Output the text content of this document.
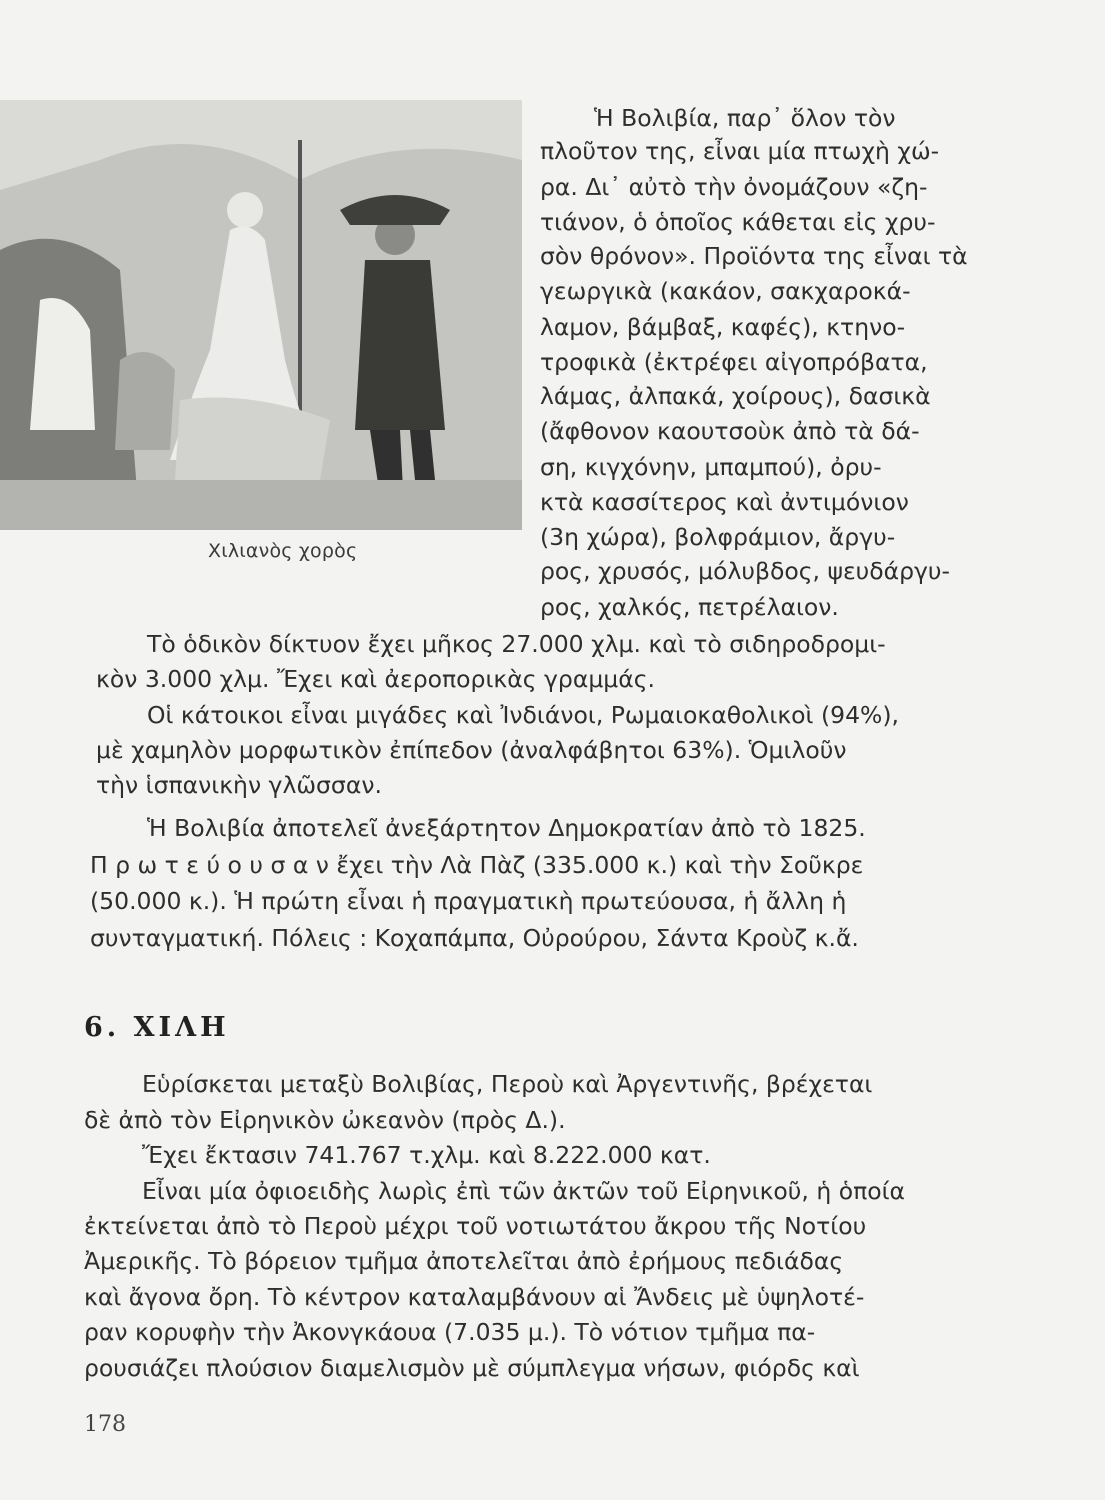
Χιλιανὸς χορὸς
Ἡ Βολιβία, παρ᾽ ὅλον τὸν
πλοῦτον της, εἶναι μία πτωχὴ χώ-
ρα. Δι᾽ αὐτὸ τὴν ὀνομάζουν «ζη-
τιάνον, ὁ ὁποῖος κάθεται εἰς χρυ-
σὸν θρόνον». Προϊόντα της εἶναι τὰ
γεωργικὰ (κακάον, σακχαροκά-
λαμον, βάμβαξ, καφές), κτηνο-
τροφικὰ (ἐκτρέφει αἰγοπρόβατα,
λάμας, ἀλπακά, χοίρους), δασικὰ
(ἄφθονον καουτσοὺκ ἀπὸ τὰ δά-
ση, κιγχόνην, μπαμπού), ὀρυ-
κτὰ κασσίτερος καὶ ἀντιμόνιον
(3η χώρα), βολφράμιον, ἄργυ-
ρος, χρυσός, μόλυβδος, ψευδάργυ-
ρος, χαλκός, πετρέλαιον.
Τὸ ὁδικὸν δίκτυον ἔχει μῆκος 27.000 χλμ. καὶ τὸ σιδηροδρομι-
κὸν 3.000 χλμ. Ἔχει καὶ ἀεροπορικὰς γραμμάς.
Οἱ κάτοικοι εἶναι μιγάδες καὶ Ἰνδιάνοι, Ρωμαιοκαθολικοὶ (94%),
μὲ χαμηλὸν μορφωτικὸν ἐπίπεδον (ἀναλφάβητοι 63%). Ὁμιλοῦν
τὴν ἱσπανικὴν γλῶσσαν.
Ἡ Βολιβία ἀποτελεῖ ἀνεξάρτητον Δημοκρατίαν ἀπὸ τὸ 1825.
Π ρ ω τ ε ύ ο υ σ α ν ἔχει τὴν Λὰ Πὰζ (335.000 κ.) καὶ τὴν Σοῦκρε
(50.000 κ.). Ἡ πρώτη εἶναι ἡ πραγματικὴ πρωτεύουσα, ἡ ἄλλη ἡ
συνταγματική. Πόλεις : Κοχαπάμπα, Οὐρούρου, Σάντα Κροὺζ κ.ἄ.
6. ΧΙΛΗ
Εὑρίσκεται μεταξὺ Βολιβίας, Περοὺ καὶ Ἀργεντινῆς, βρέχεται
δὲ ἀπὸ τὸν Εἰρηνικὸν ὠκεανὸν (πρὸς Δ.).
Ἔχει ἔκτασιν 741.767 τ.χλμ. καὶ 8.222.000 κατ.
Εἶναι μία ὀφιοειδὴς λωρὶς ἐπὶ τῶν ἀκτῶν τοῦ Εἰρηνικοῦ, ἡ ὁποία
ἐκτείνεται ἀπὸ τὸ Περοὺ μέχρι τοῦ νοτιωτάτου ἄκρου τῆς Νοτίου
Ἀμερικῆς. Τὸ βόρειον τμῆμα ἀποτελεῖται ἀπὸ ἐρήμους πεδιάδας
καὶ ἄγονα ὄρη. Τὸ κέντρον καταλαμβάνουν αἱ Ἄνδεις μὲ ὑψηλοτέ-
ραν κορυφὴν τὴν Ἀκονγκάουα (7.035 μ.). Τὸ νότιον τμῆμα πα-
ρουσιάζει πλούσιον διαμελισμὸν μὲ σύμπλεγμα νήσων, φιόρδς καὶ
178
